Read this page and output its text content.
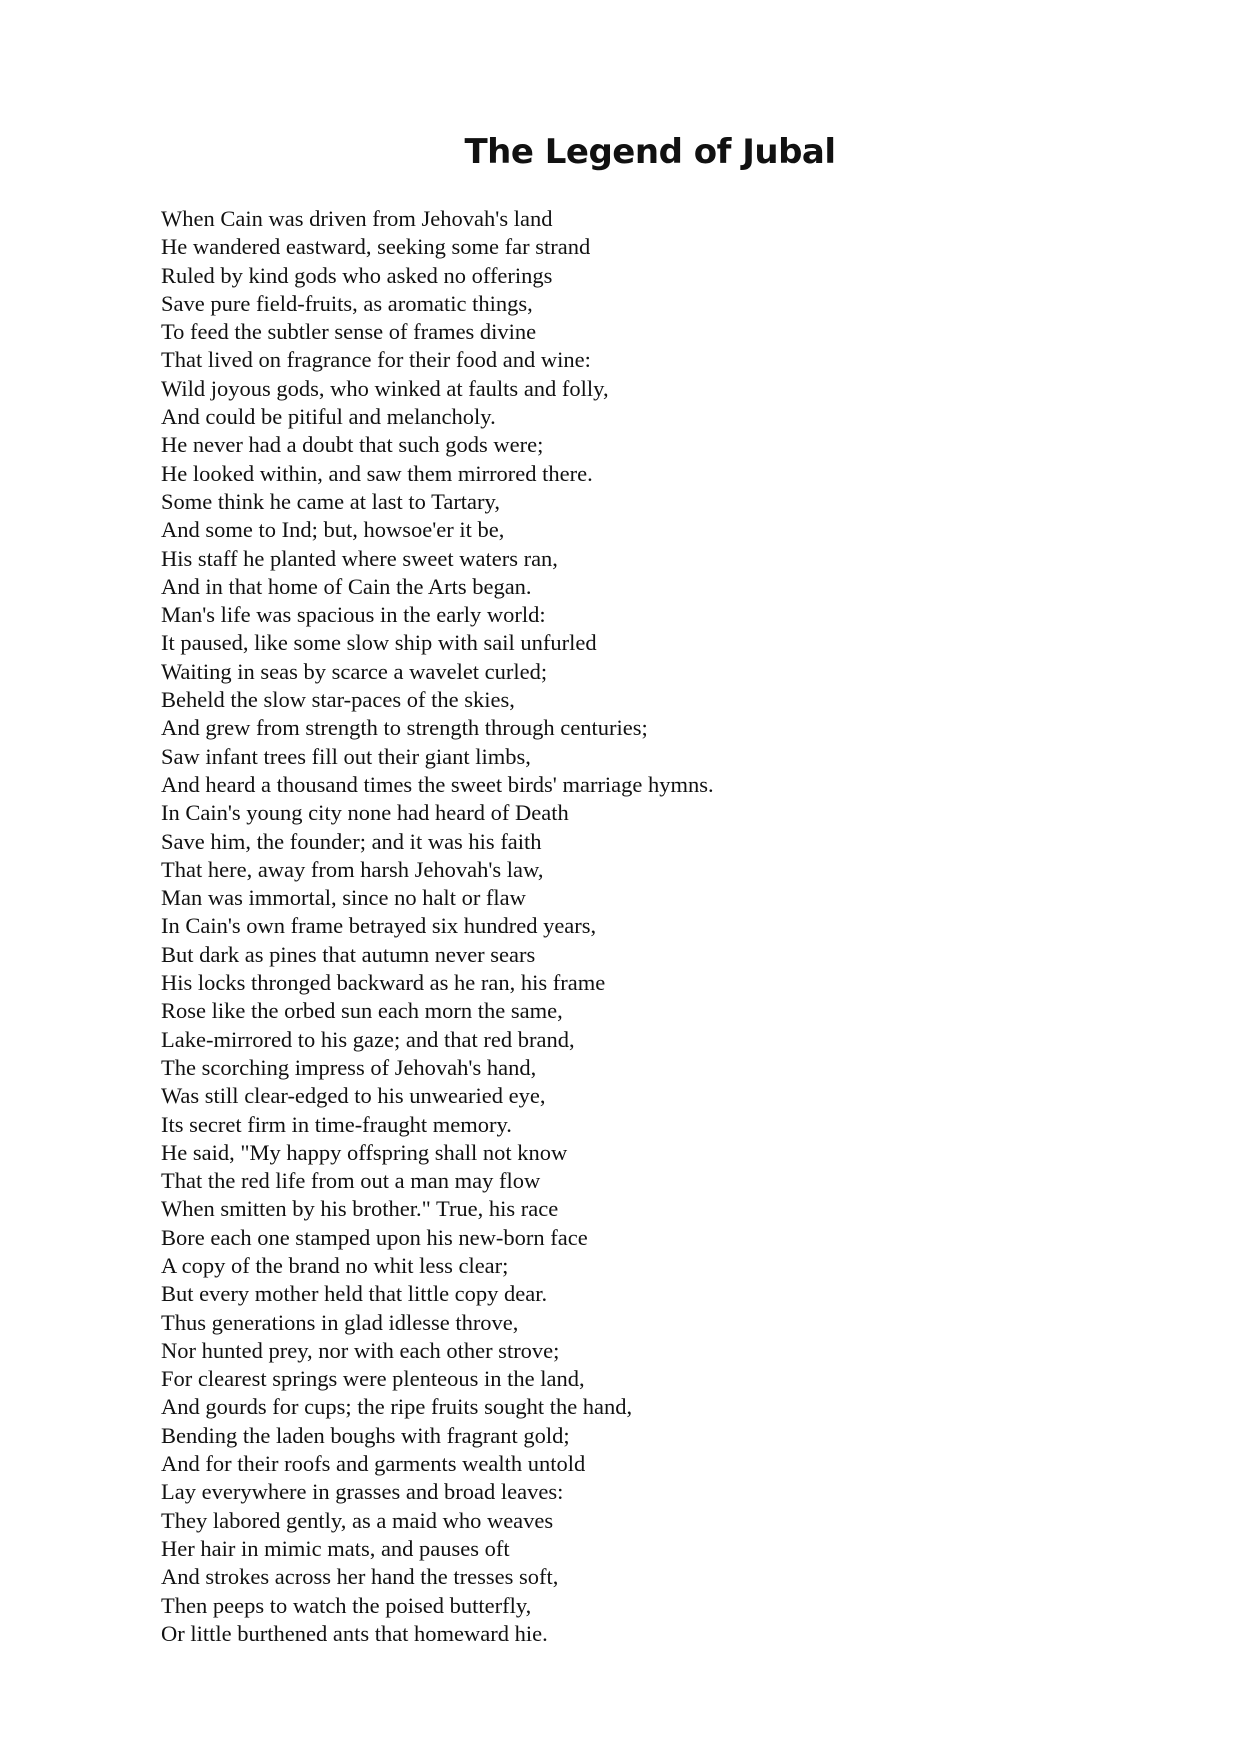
The Legend of Jubal
When Cain was driven from Jehovah's land
He wandered eastward, seeking some far strand
Ruled by kind gods who asked no offerings
Save pure field-fruits, as aromatic things,
To feed the subtler sense of frames divine
That lived on fragrance for their food and wine:
Wild joyous gods, who winked at faults and folly,
And could be pitiful and melancholy.
He never had a doubt that such gods were;
He looked within, and saw them mirrored there.
Some think he came at last to Tartary,
And some to Ind; but, howsoe'er it be,
His staff he planted where sweet waters ran,
And in that home of Cain the Arts began.
Man's life was spacious in the early world:
It paused, like some slow ship with sail unfurled
Waiting in seas by scarce a wavelet curled;
Beheld the slow star-paces of the skies,
And grew from strength to strength through centuries;
Saw infant trees fill out their giant limbs,
And heard a thousand times the sweet birds' marriage hymns.
In Cain's young city none had heard of Death
Save him, the founder; and it was his faith
That here, away from harsh Jehovah's law,
Man was immortal, since no halt or flaw
In Cain's own frame betrayed six hundred years,
But dark as pines that autumn never sears
His locks thronged backward as he ran, his frame
Rose like the orbed sun each morn the same,
Lake-mirrored to his gaze; and that red brand,
The scorching impress of Jehovah's hand,
Was still clear-edged to his unwearied eye,
Its secret firm in time-fraught memory.
He said, "My happy offspring shall not know
That the red life from out a man may flow
When smitten by his brother." True, his race
Bore each one stamped upon his new-born face
A copy of the brand no whit less clear;
But every mother held that little copy dear.
Thus generations in glad idlesse throve,
Nor hunted prey, nor with each other strove;
For clearest springs were plenteous in the land,
And gourds for cups; the ripe fruits sought the hand,
Bending the laden boughs with fragrant gold;
And for their roofs and garments wealth untold
Lay everywhere in grasses and broad leaves:
They labored gently, as a maid who weaves
Her hair in mimic mats, and pauses oft
And strokes across her hand the tresses soft,
Then peeps to watch the poised butterfly,
Or little burthened ants that homeward hie.
